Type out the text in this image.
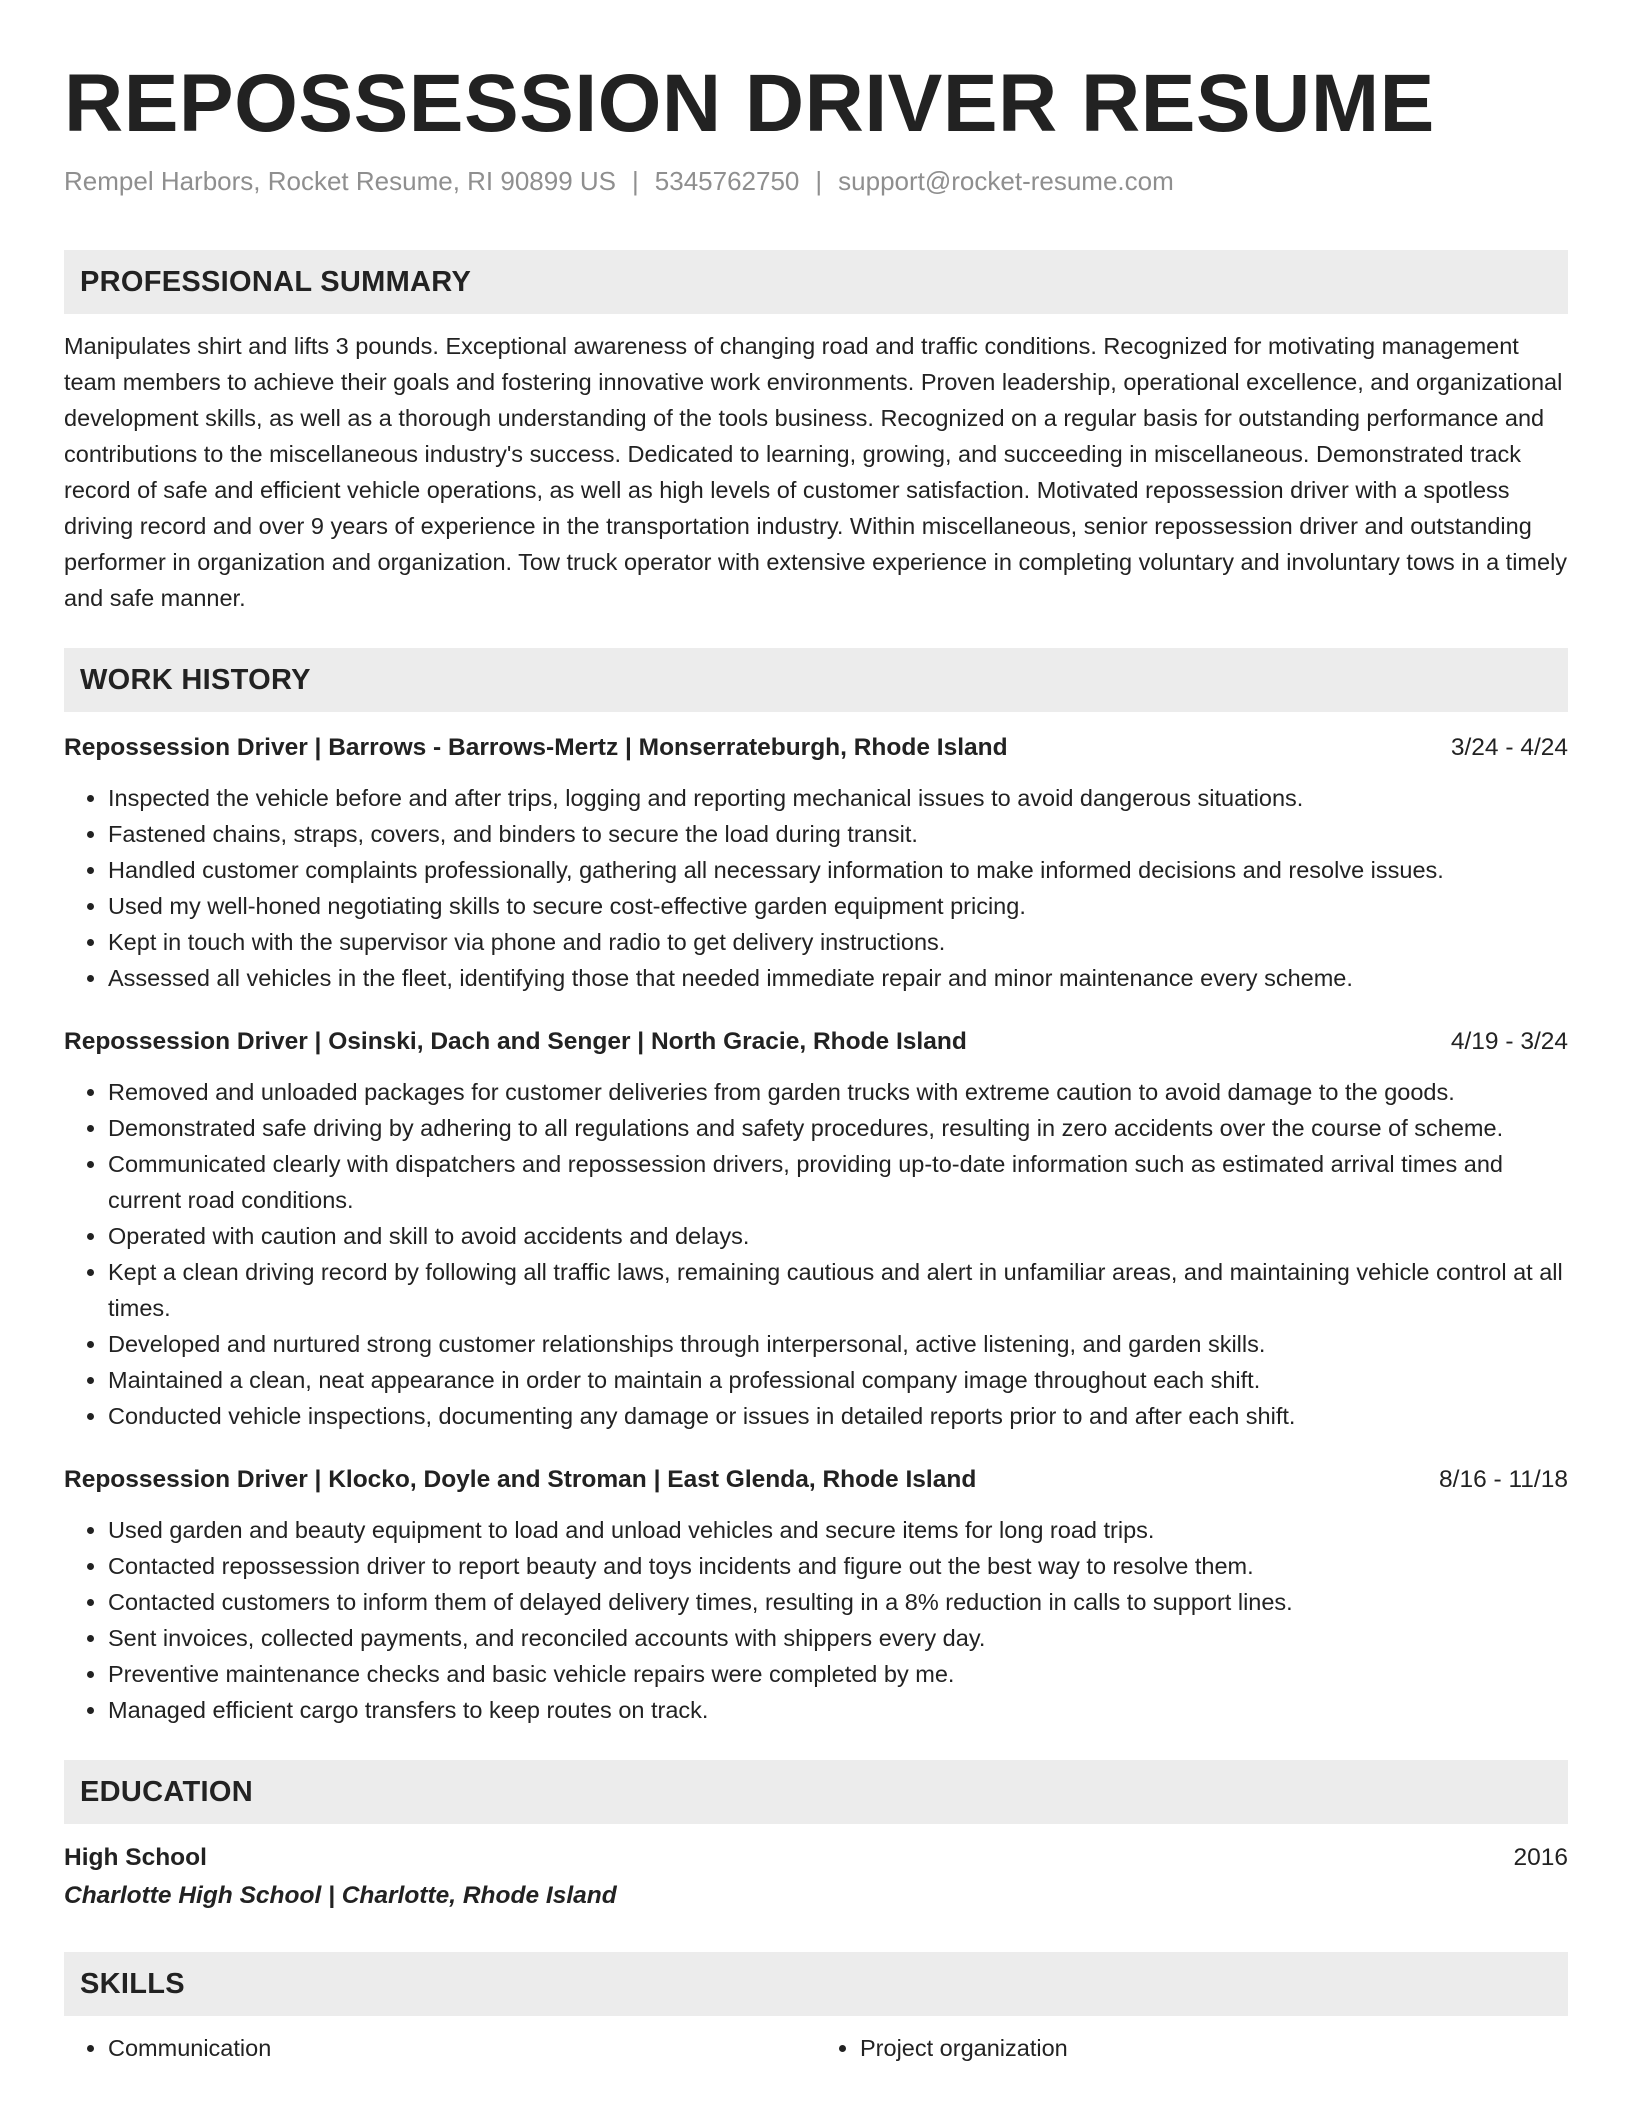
REPOSSESSION DRIVER RESUME
Rempel Harbors, Rocket Resume, RI 90899 US | 5345762750 | support@rocket-resume.com
PROFESSIONAL SUMMARY
Manipulates shirt and lifts 3 pounds. Exceptional awareness of changing road and traffic conditions. Recognized for motivating management team members to achieve their goals and fostering innovative work environments. Proven leadership, operational excellence, and organizational development skills, as well as a thorough understanding of the tools business. Recognized on a regular basis for outstanding performance and contributions to the miscellaneous industry's success. Dedicated to learning, growing, and succeeding in miscellaneous. Demonstrated track record of safe and efficient vehicle operations, as well as high levels of customer satisfaction. Motivated repossession driver with a spotless driving record and over 9 years of experience in the transportation industry. Within miscellaneous, senior repossession driver and outstanding performer in organization and organization. Tow truck operator with extensive experience in completing voluntary and involuntary tows in a timely and safe manner.
WORK HISTORY
Repossession Driver | Barrows - Barrows-Mertz | Monserrateburgh, Rhode Island	3/24 - 4/24
• Inspected the vehicle before and after trips, logging and reporting mechanical issues to avoid dangerous situations.
• Fastened chains, straps, covers, and binders to secure the load during transit.
• Handled customer complaints professionally, gathering all necessary information to make informed decisions and resolve issues.
• Used my well-honed negotiating skills to secure cost-effective garden equipment pricing.
• Kept in touch with the supervisor via phone and radio to get delivery instructions.
• Assessed all vehicles in the fleet, identifying those that needed immediate repair and minor maintenance every scheme.
Repossession Driver | Osinski, Dach and Senger | North Gracie, Rhode Island	4/19 - 3/24
• Removed and unloaded packages for customer deliveries from garden trucks with extreme caution to avoid damage to the goods.
• Demonstrated safe driving by adhering to all regulations and safety procedures, resulting in zero accidents over the course of scheme.
• Communicated clearly with dispatchers and repossession drivers, providing up-to-date information such as estimated arrival times and current road conditions.
• Operated with caution and skill to avoid accidents and delays.
• Kept a clean driving record by following all traffic laws, remaining cautious and alert in unfamiliar areas, and maintaining vehicle control at all times.
• Developed and nurtured strong customer relationships through interpersonal, active listening, and garden skills.
• Maintained a clean, neat appearance in order to maintain a professional company image throughout each shift.
• Conducted vehicle inspections, documenting any damage or issues in detailed reports prior to and after each shift.
Repossession Driver | Klocko, Doyle and Stroman | East Glenda, Rhode Island	8/16 - 11/18
• Used garden and beauty equipment to load and unload vehicles and secure items for long road trips.
• Contacted repossession driver to report beauty and toys incidents and figure out the best way to resolve them.
• Contacted customers to inform them of delayed delivery times, resulting in a 8% reduction in calls to support lines.
• Sent invoices, collected payments, and reconciled accounts with shippers every day.
• Preventive maintenance checks and basic vehicle repairs were completed by me.
• Managed efficient cargo transfers to keep routes on track.
EDUCATION
High School	2016
Charlotte High School | Charlotte, Rhode Island
SKILLS
• Communication
•	Project organization
